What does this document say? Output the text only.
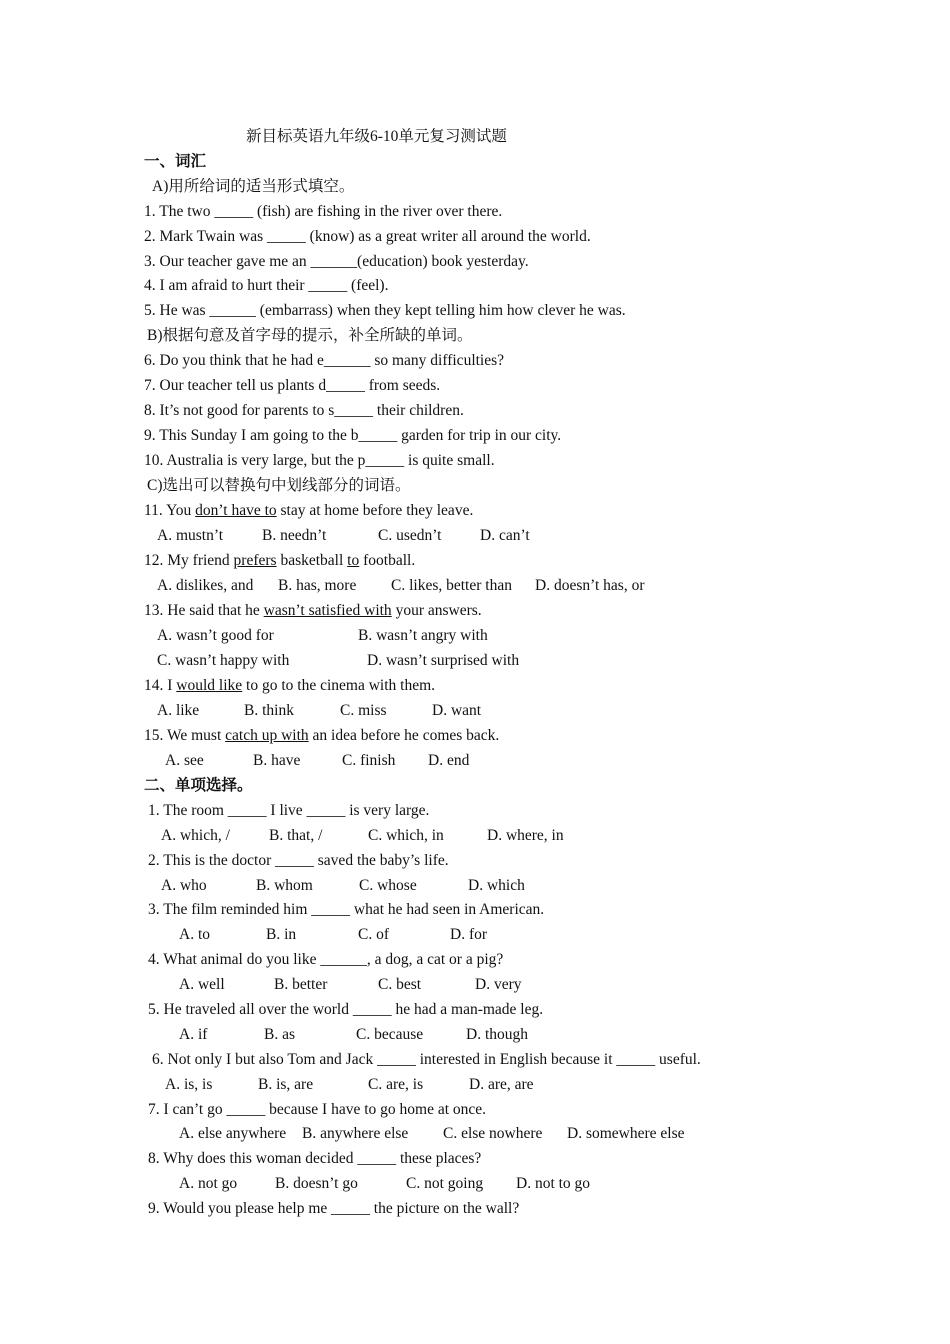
新目标英语九年级6-10单元复习测试题
一、词汇
A)用所给词的适当形式填空。
1. The two _____ (fish) are fishing in the river over there.
2. Mark Twain was _____ (know) as a great writer all around the world.
3. Our teacher gave me an ______(education) book yesterday.
4. I am afraid to hurt their _____ (feel).
5. He was ______ (embarrass) when they kept telling him how clever he was.
B)根据句意及首字母的提示，补全所缺的单词。
6. Do you think that he had e______ so many difficulties?
7. Our teacher tell us plants d_____ from seeds.
8. It’s not good for parents to s_____ their children.
9. This Sunday I am going to the b_____ garden for trip in our city.
10. Australia is very large, but the p_____ is quite small.
C)选出可以替换句中划线部分的词语。
11. You don’t have to stay at home before they leave.
A. mustn’t	B. needn’t	C. usedn’t D. can’t
12. My friend prefers basketball to football.
A. dislikes, and B. has, more C. likes, better than D. doesn’t has, or
13. He said that he wasn’t satisfied with your answers.
A. wasn’t good for	B. wasn’t angry with
C. wasn’t happy with	D. wasn’t surprised with
14. I would like to go to the cinema with them.
A. like	B. think	C. miss	D. want
15. We must catch up with an idea before he comes back.
A. see	B. have	C. finish D. end
二、单项选择。
1. The room _____ I live _____ is very large.
A. which, /	B. that, /	C. which, in	D. where, in
2. This is the doctor _____ saved the baby’s life.
A. who	B. whom	C. whose	D. which
3. The film reminded him _____ what he had seen in American.
A. to	B. in	C. of	D. for
4. What animal do you like ______, a dog, a cat or a pig?
A. well	B. better	C. best	D. very
5. He traveled all over the world _____ he had a man-made leg.
A. if	B. as	C. because	D. though
6. Not only I but also Tom and Jack _____ interested in English because it _____ useful.
A. is, is	B. is, are	C. are, is	D. are, are
7. I can’t go _____ because I have to go home at once.
A. else anywhere B. anywhere else C. else nowhere D. somewhere else
8. Why does this woman decided _____ these places?
A. not go B. doesn’t go	C. not going D. not to go
9. Would you please help me _____ the picture on the wall?
